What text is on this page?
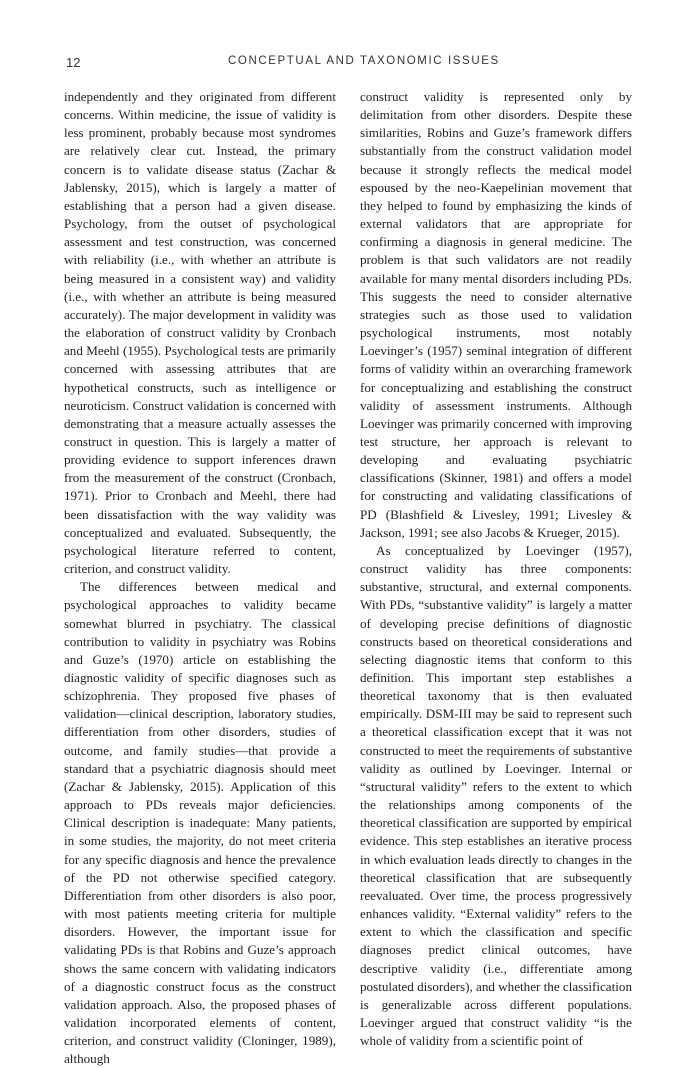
12	CONCEPTUAL AND TAXONOMIC ISSUES

independently and they originated from different concerns. Within medicine, the issue of validity is less prominent, probably because most syndromes are relatively clear cut. Instead, the primary concern is to validate disease status (Zachar & Jablensky, 2015), which is largely a matter of establishing that a person had a given disease. Psychology, from the outset of psychological assessment and test construction, was concerned with reliability (i.e., with whether an attribute is being measured in a consistent way) and validity (i.e., with whether an attribute is being measured accurately). The major development in validity was the elaboration of construct validity by Cronbach and Meehl (1955). Psychological tests are primarily concerned with assessing attributes that are hypothetical constructs, such as intelligence or neuroticism. Construct validation is concerned with demonstrating that a measure actually assesses the construct in question. This is largely a matter of providing evidence to support inferences drawn from the measurement of the construct (Cronbach, 1971). Prior to Cronbach and Meehl, there had been dissatisfaction with the way validity was conceptualized and evaluated. Subsequently, the psychological literature referred to content, criterion, and construct validity.

The differences between medical and psychological approaches to validity became somewhat blurred in psychiatry. The classical contribution to validity in psychiatry was Robins and Guze’s (1970) article on establishing the diagnostic validity of specific diagnoses such as schizophrenia. They proposed five phases of validation—clinical description, laboratory studies, differentiation from other disorders, studies of outcome, and family studies—that provide a standard that a psychiatric diagnosis should meet (Zachar & Jablensky, 2015). Application of this approach to PDs reveals major deficiencies. Clinical description is inadequate: Many patients, in some studies, the majority, do not meet criteria for any specific diagnosis and hence the prevalence of the PD not otherwise specified category. Differentiation from other disorders is also poor, with most patients meeting criteria for multiple disorders. However, the important issue for validating PDs is that Robins and Guze’s approach shows the same concern with validating indicators of a diagnostic construct focus as the construct validation approach. Also, the proposed phases of validation incorporated elements of content, criterion, and construct validity (Cloninger, 1989), although

construct validity is represented only by delimitation from other disorders. Despite these similarities, Robins and Guze’s framework differs substantially from the construct validation model because it strongly reflects the medical model espoused by the neo-Kaepelinian movement that they helped to found by emphasizing the kinds of external validators that are appropriate for confirming a diagnosis in general medicine. The problem is that such validators are not readily available for many mental disorders including PDs. This suggests the need to consider alternative strategies such as those used to validation psychological instruments, most notably Loevinger’s (1957) seminal integration of different forms of validity within an overarching framework for conceptualizing and establishing the construct validity of assessment instruments. Although Loevinger was primarily concerned with improving test structure, her approach is relevant to developing and evaluating psychiatric classifications (Skinner, 1981) and offers a model for constructing and validating classifications of PD (Blashfield & Livesley, 1991; Livesley & Jackson, 1991; see also Jacobs & Krueger, 2015).

As conceptualized by Loevinger (1957), construct validity has three components: substantive, structural, and external components. With PDs, “substantive validity” is largely a matter of developing precise definitions of diagnostic constructs based on theoretical considerations and selecting diagnostic items that conform to this definition. This important step establishes a theoretical taxonomy that is then evaluated empirically. DSM-III may be said to represent such a theoretical classification except that it was not constructed to meet the requirements of substantive validity as outlined by Loevinger. Internal or “structural validity” refers to the extent to which the relationships among components of the theoretical classification are supported by empirical evidence. This step establishes an iterative process in which evaluation leads directly to changes in the theoretical classification that are subsequently reevaluated. Over time, the process progressively enhances validity. “External validity” refers to the extent to which the classification and specific diagnoses predict clinical outcomes, have descriptive validity (i.e., differentiate among postulated disorders), and whether the classification is generalizable across different populations. Loevinger argued that construct validity “is the whole of validity from a scientific point of
